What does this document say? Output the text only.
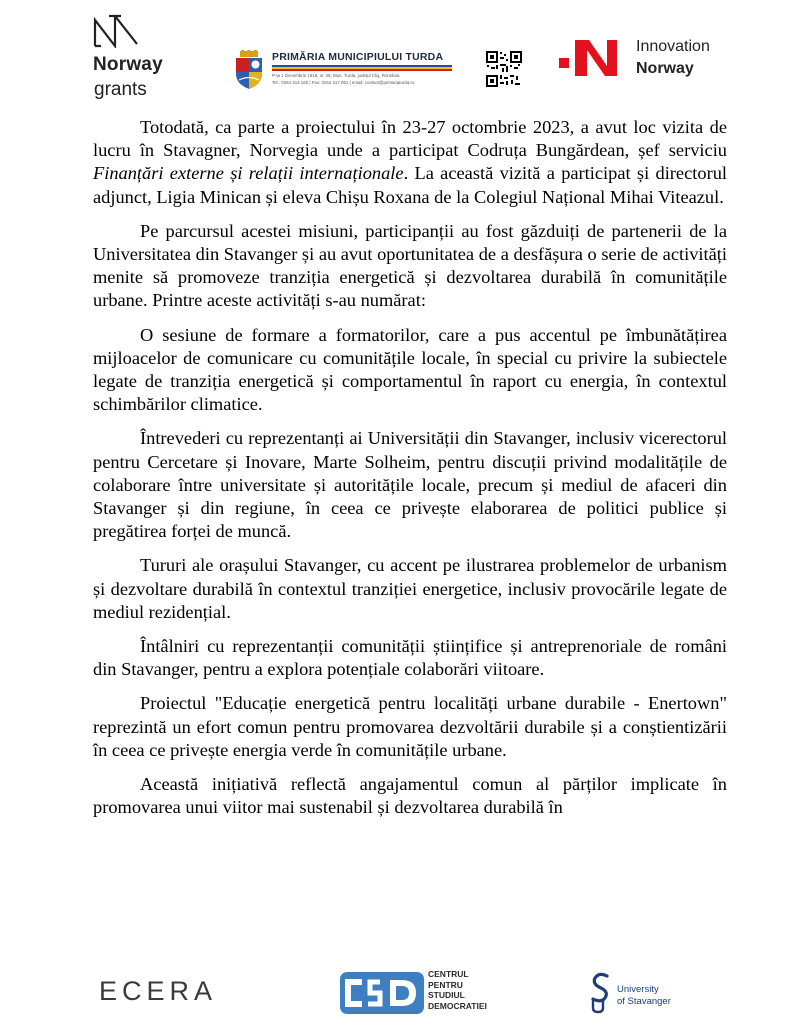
Norway
grants
PRIMĂRIA MUNICIPIULUI TURDA
P-ța 1 Decembrie 1918, nr. 28, Mun. Turda, județul Cluj, România
Tel.: 0264 313 160 | Fax: 0264 317 061 | email: contact@primariaturda.ro
Innovation
Norway

Totodată, ca parte a proiectului în 23-27 octombrie 2023, a avut loc vizita de lucru în Stavagner, Norvegia unde a participat Codruța Bungărdean, șef serviciu Finanțări externe și relații internaționale. La această vizită a participat și directorul adjunct, Ligia Minican și eleva Chișu Roxana de la Colegiul Național Mihai Viteazul.

Pe parcursul acestei misiuni, participanții au fost găzduiți de partenerii de la Universitatea din Stavanger și au avut oportunitatea de a desfășura o serie de activități menite să promoveze tranziția energetică și dezvoltarea durabilă în comunitățile urbane. Printre aceste activități s-au numărat:

O sesiune de formare a formatorilor, care a pus accentul pe îmbunătățirea mijloacelor de comunicare cu comunitățile locale, în special cu privire la subiectele legate de tranziția energetică și comportamentul în raport cu energia, în contextul schimbărilor climatice.

Întrevederi cu reprezentanți ai Universității din Stavanger, inclusiv vicerectorul pentru Cercetare și Inovare, Marte Solheim, pentru discuții privind modalitățile de colaborare între universitate și autoritățile locale, precum și mediul de afaceri din Stavanger și din regiune, în ceea ce privește elaborarea de politici publice și pregătirea forței de muncă.

Tururi ale orașului Stavanger, cu accent pe ilustrarea problemelor de urbanism și dezvoltare durabilă în contextul tranziției energetice, inclusiv provocările legate de mediul rezidențial.

Întâlniri cu reprezentanții comunității științifice și antreprenoriale de români din Stavanger, pentru a explora potențiale colaborări viitoare.

Proiectul "Educație energetică pentru localități urbane durabile - Enertown" reprezintă un efort comun pentru promovarea dezvoltării durabile și a conștientizării în ceea ce privește energia verde în comunitățile urbane.

Această inițiativă reflectă angajamentul comun al părților implicate în promovarea unui viitor mai sustenabil și dezvoltarea durabilă în

ECERA
CENTRUL
PENTRU
STUDIUL
DEMOCRATIEI
University
of Stavanger
